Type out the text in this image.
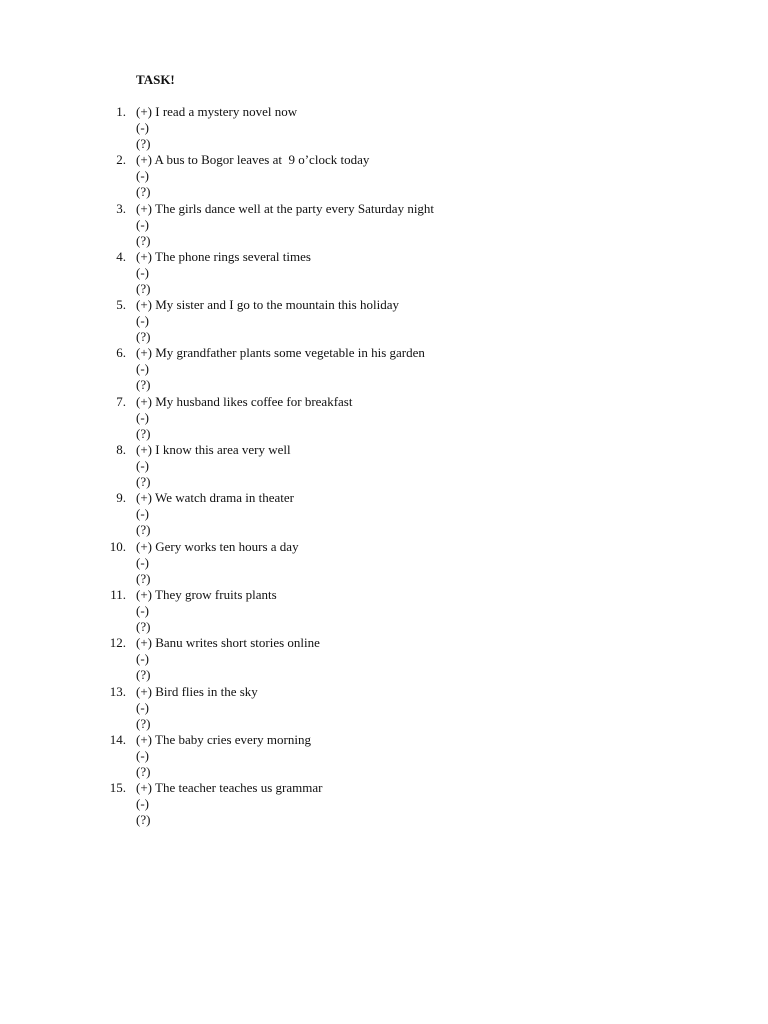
TASK!
1. (+) I read a mystery novel now
(-)
(?)
2. (+) A bus to Bogor leaves at  9 o’clock today
(-)
(?)
3. (+) The girls dance well at the party every Saturday night
(-)
(?)
4. (+) The phone rings several times
(-)
(?)
5. (+) My sister and I go to the mountain this holiday
(-)
(?)
6. (+) My grandfather plants some vegetable in his garden
(-)
(?)
7. (+) My husband likes coffee for breakfast
(-)
(?)
8. (+) I know this area very well
(-)
(?)
9. (+) We watch drama in theater
(-)
(?)
10. (+) Gery works ten hours a day
(-)
(?)
11. (+) They grow fruits plants
(-)
(?)
12. (+) Banu writes short stories online
(-)
(?)
13. (+) Bird flies in the sky
(-)
(?)
14. (+) The baby cries every morning
(-)
(?)
15. (+) The teacher teaches us grammar
(-)
(?)
